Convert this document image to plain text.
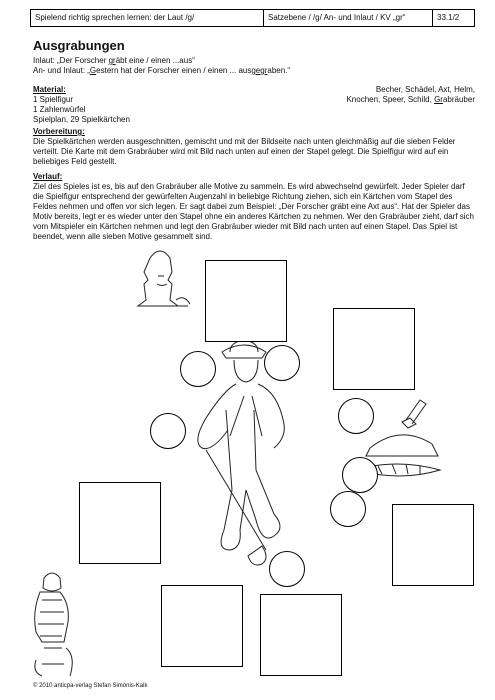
Spielend richtig sprechen lernen: der Laut /g/	Satzebene / /g/ An- und Inlaut / KV „gr“	33.1/2
Ausgrabungen
Inlaut: „Der Forscher gräbt eine / einen ...aus“
An- und Inlaut: „Gestern hat der Forscher einen / einen ... ausgegraben.“
Material:
1 Spielfigur
1 Zahlenwürfel
Spielplan, 29 Spielkärtchen
Becher, Schädel, Axt, Helm,
Knochen, Speer, Schild, Grabräuber
Vorbereitung:
Die Spielkärtchen werden ausgeschnitten, gemischt und mit der Bildseite nach unten gleichmäßig auf die sieben Felder verteilt. Die Karte mit dem Grabräuber wird mit Bild nach unten auf einen der Stapel gelegt. Die Spielfigur wird auf ein beliebiges Feld gestellt.
Verlauf:
Ziel des Spieles ist es, bis auf den Grabräuber alle Motive zu sammeln. Es wird abwechselnd gewürfelt. Jeder Spieler darf die Spielfigur entsprechend der gewürfelten Augenzahl in beliebige Richtung ziehen, sich ein Kärtchen vom Stapel des Feldes nehmen und offen vor sich legen. Er sagt dabei zum Beispiel: „Der Forscher gräbt eine Axt aus“. Hat der Spieler das Motiv bereits, legt er es wieder unter den Stapel ohne ein anderes Kärtchen zu nehmen. Wer den Grabräuber zieht, darf sich vom Mitspieler ein Kärtchen nehmen und legt den Grabräuber wieder mit Bild nach unten auf einen Stapel. Das Spiel ist beendet, wenn alle sieben Motive gesammelt sind.
© 2010 anticpa-verlag Stefan Simonis-Kalk
